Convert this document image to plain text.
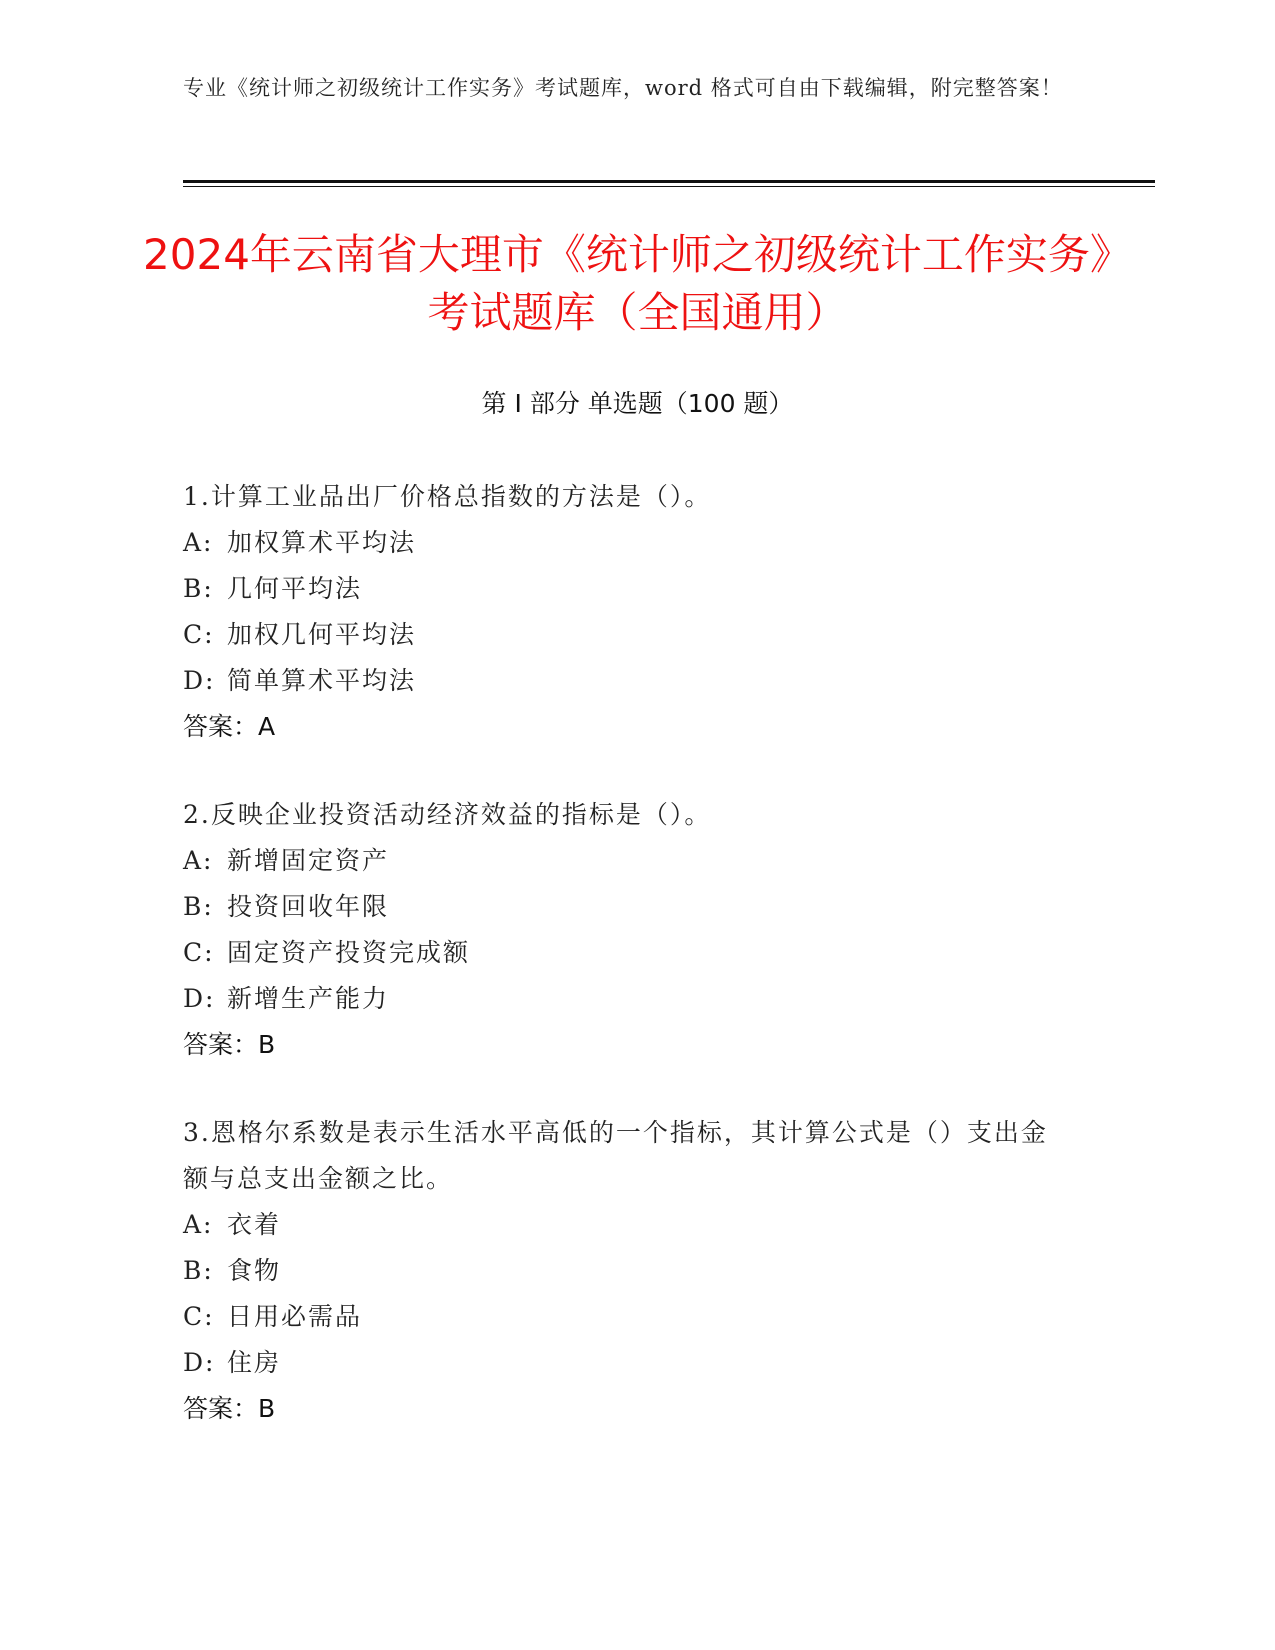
专业《统计师之初级统计工作实务》考试题库，word 格式可自由下载编辑，附完整答案！
2024年云南省大理市《统计师之初级统计工作实务》考试题库（全国通用）
第 I 部分 单选题（100 题）

1.计算工业品出厂价格总指数的方法是（）。

A: 加权算术平均法

B: 几何平均法

C: 加权几何平均法

D: 简单算术平均法

答案：A

2.反映企业投资活动经济效益的指标是（）。

A: 新增固定资产

B: 投资回收年限

C: 固定资产投资完成额

D: 新增生产能力

答案：B

3.恩格尔系数是表示生活水平高低的一个指标，其计算公式是（）支出金额与总支出金额之比。

A: 衣着

B: 食物

C: 日用必需品

D: 住房

答案：B
